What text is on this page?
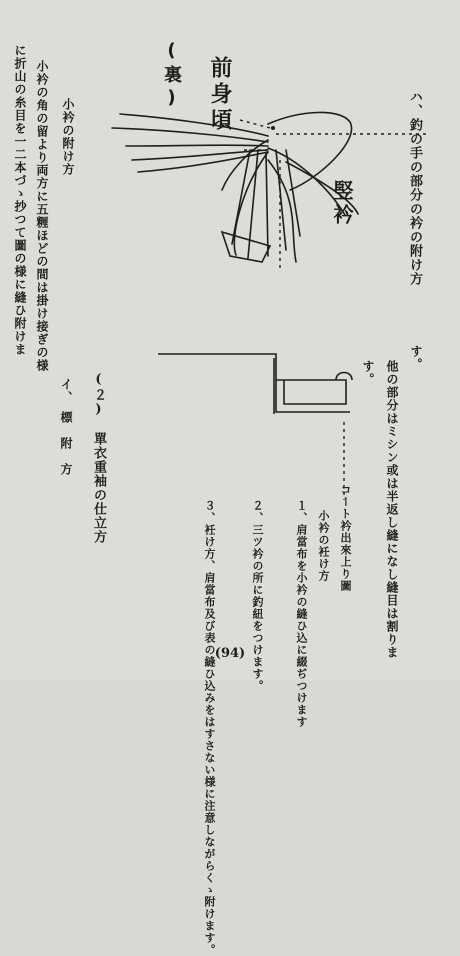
ハ、釣の手の部分の衿の附け方
小衿の附け方
小衿の角の留より両方に五糎ほどの間は掛け接ぎの様
に折山の糸目を一二本づゝ抄つて圖の様に縫ひ附けま
す。
他の部分はミシン或は半返し縫になし縫目は割りま
す。
(２)　單衣重袖の仕立方
イ、　標　附　方
コート衿出來上り圖
小衿の衽け方
１、肩當布を小衿の縫ひ込に綴ぢつけます
２、三ツ衿の所に釣紐をつけます。
３、衽け方、肩當布及び表の縫ひ込みをはすさない様に注意しながらくゝ附けます。
前身頃
(裏)
竪衿
(94)
